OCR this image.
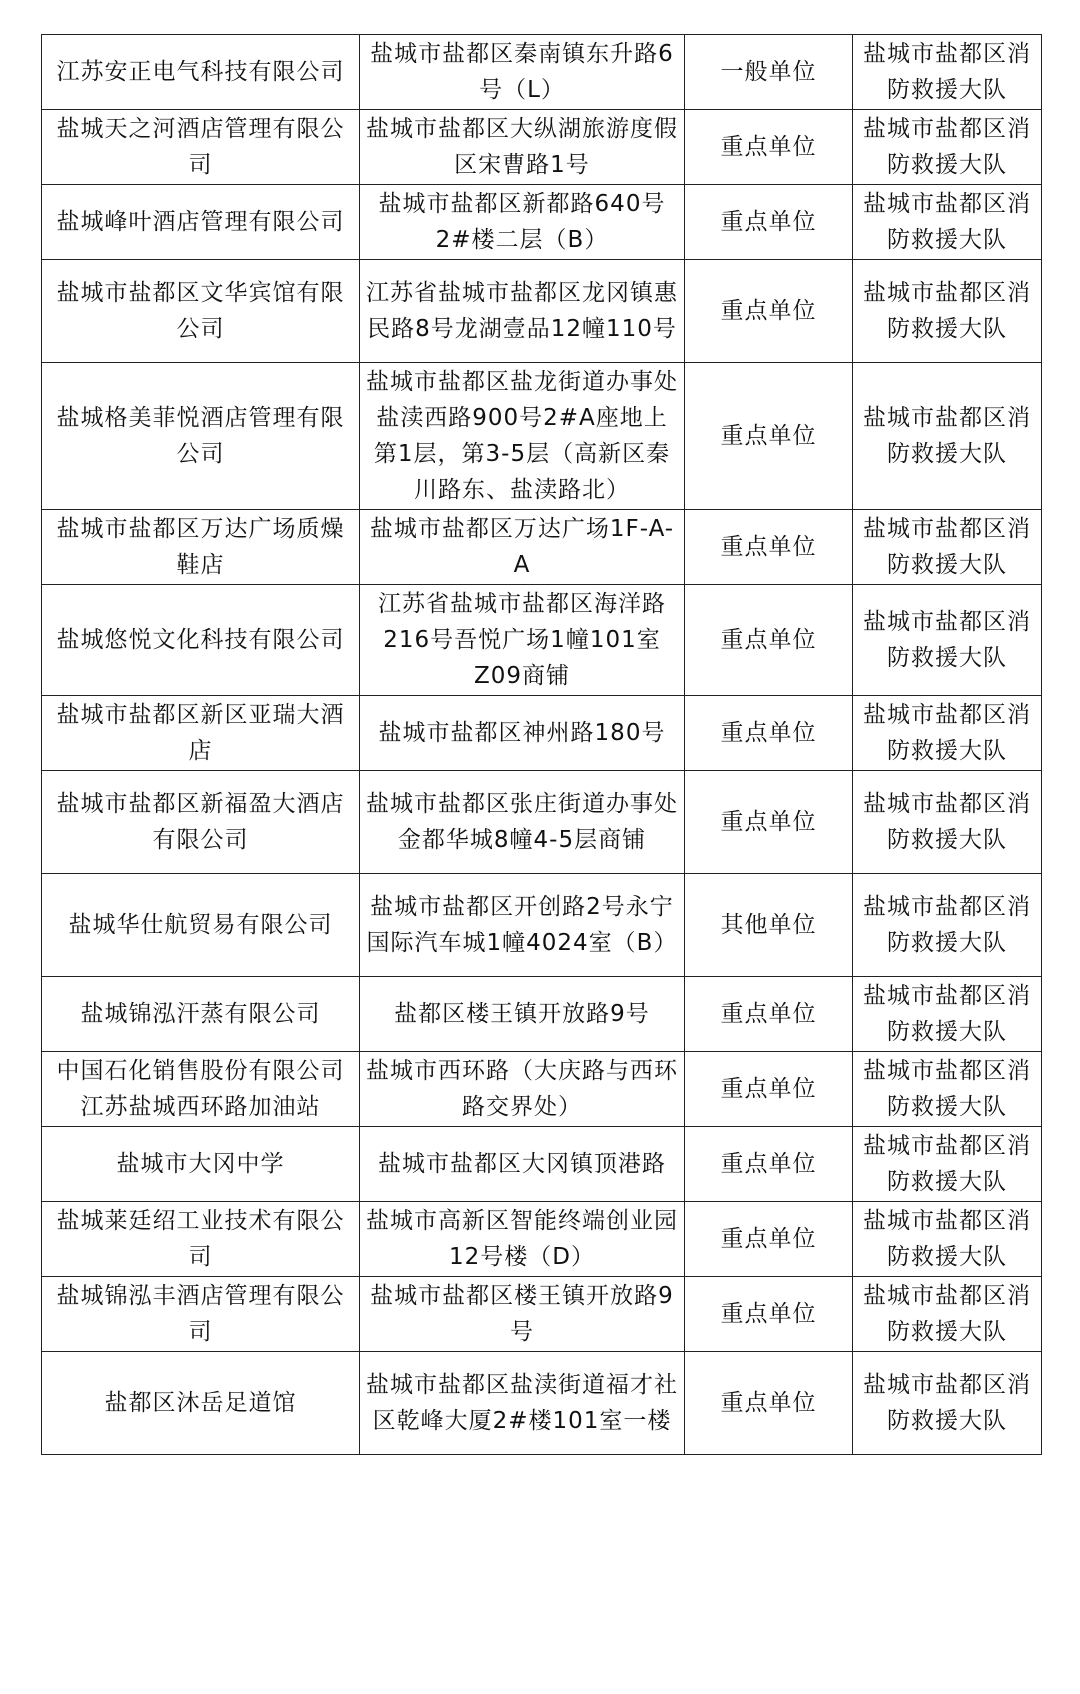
江苏安正电气科技有限公司	盐城市盐都区秦南镇东升路6号（L）	一般单位	盐城市盐都区消防救援大队
盐城天之河酒店管理有限公司	盐城市盐都区大纵湖旅游度假区宋曹路1号	重点单位	盐城市盐都区消防救援大队
盐城峰叶酒店管理有限公司	盐城市盐都区新都路640号2#楼二层（B）	重点单位	盐城市盐都区消防救援大队
盐城市盐都区文华宾馆有限公司	江苏省盐城市盐都区龙冈镇惠民路8号龙湖壹品12幢110号	重点单位	盐城市盐都区消防救援大队
盐城格美菲悦酒店管理有限公司	盐城市盐都区盐龙街道办事处盐渎西路900号2#A座地上第1层，第3-5层（高新区秦川路东、盐渎路北）	重点单位	盐城市盐都区消防救援大队
盐城市盐都区万达广场质燥鞋店	盐城市盐都区万达广场1F-A-A	重点单位	盐城市盐都区消防救援大队
盐城悠悦文化科技有限公司	江苏省盐城市盐都区海洋路216号吾悦广场1幢101室Z09商铺	重点单位	盐城市盐都区消防救援大队
盐城市盐都区新区亚瑞大酒店	盐城市盐都区神州路180号	重点单位	盐城市盐都区消防救援大队
盐城市盐都区新福盈大酒店有限公司	盐城市盐都区张庄街道办事处金都华城8幢4-5层商铺	重点单位	盐城市盐都区消防救援大队
盐城华仕航贸易有限公司	盐城市盐都区开创路2号永宁国际汽车城1幢4024室（B）	其他单位	盐城市盐都区消防救援大队
盐城锦泓汗蒸有限公司	盐都区楼王镇开放路9号	重点单位	盐城市盐都区消防救援大队
中国石化销售股份有限公司江苏盐城西环路加油站	盐城市西环路（大庆路与西环路交界处）	重点单位	盐城市盐都区消防救援大队
盐城市大冈中学	盐城市盐都区大冈镇顶港路	重点单位	盐城市盐都区消防救援大队
盐城莱廷绍工业技术有限公司	盐城市高新区智能终端创业园12号楼（D）	重点单位	盐城市盐都区消防救援大队
盐城锦泓丰酒店管理有限公司	盐城市盐都区楼王镇开放路9号	重点单位	盐城市盐都区消防救援大队
盐都区沐岳足道馆	盐城市盐都区盐渎街道福才社区乾峰大厦2#楼101室一楼	重点单位	盐城市盐都区消防救援大队
